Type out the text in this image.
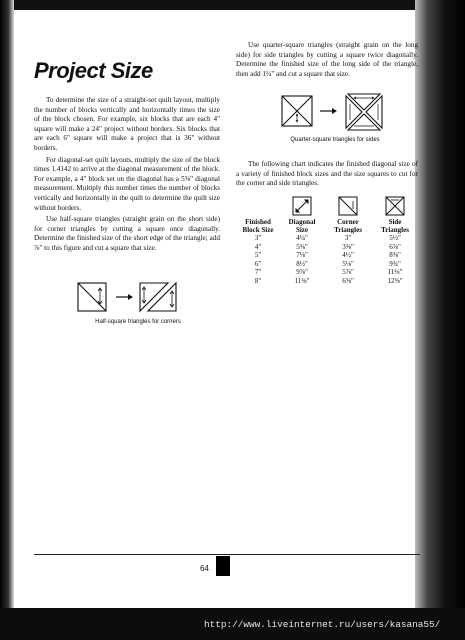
Project Size

To determine the size of a straight-set quilt layout, multiply the number of blocks vertically and horizontally times the size of the block chosen. For example, six blocks that are each 4" square will make a 24" project without borders. Six blocks that are each 6" square will make a project that is 36" without borders.

For diagonal-set quilt layouts, multiply the size of the block times 1.4142 to arrive at the diagonal measurement of the block. For example, a 4" block set on the diagonal has a 5⅝" diagonal measurement. Multiply this number times the number of blocks vertically and horizontally in the quilt to determine the quilt size without borders.

Use half-square triangles (straight grain on the short side) for corner triangles by cutting a square once diagonally. Determine the finished size of the short edge of the triangle; add ⅞" to this figure and cut a square that size.

Half-square triangles for corners

Use quarter-square triangles (straight grain on the long side) for side triangles by cutting a square twice diagonally. Determine the finished size of the long side of the triangle, then add 1¼" and cut a square that size.

Quarter-square triangles for sides

The following chart indicates the finished diagonal size of a variety of finished block sizes and the size squares to cut for the corner and side triangles.

Finished Block Size	Diagonal Size	Corner Triangles	Side Triangles
3"	4¼"	3"	5½"
4"	5⅝"	3⅜"	6⅞"
5"	7⅛"	4½"	8⅜"
6"	8½"	5⅛"	9¾"
7"	9⅞"	5⅞"	11⅛"
8"	11⅜"	6⅝"	12⅝"
64
http://www.liveinternet.ru/users/kasana55/
